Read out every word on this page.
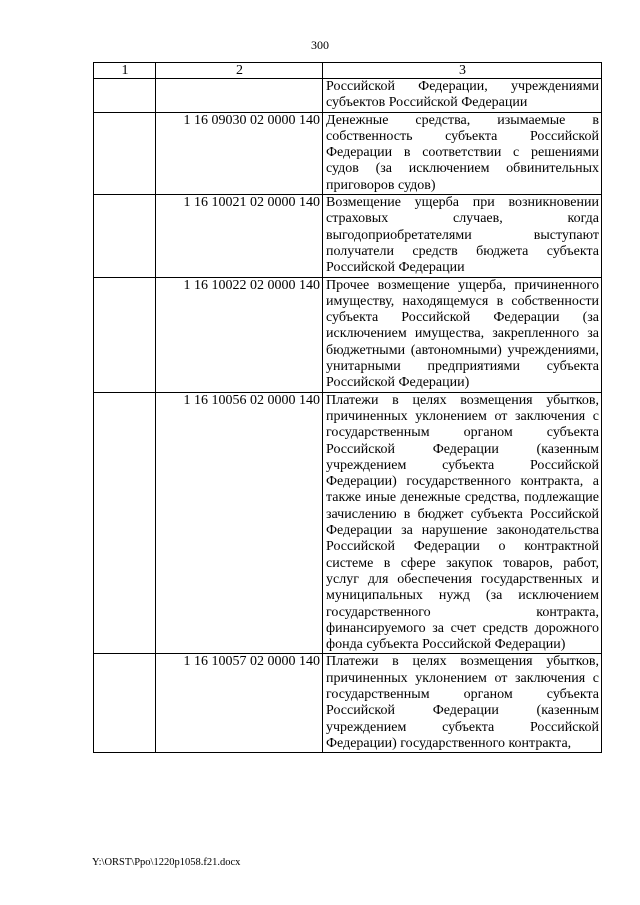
300
1	2	3
		Российской Федерации, учреждениями субъектов Российской Федерации
	1 16 09030 02 0000 140	Денежные средства, изымаемые в собственность субъекта Российской Федерации в соответствии с решениями судов (за исключением обвинительных приговоров судов)
	1 16 10021 02 0000 140	Возмещение ущерба при возникновении страховых случаев, когда выгодоприобретателями выступают получатели средств бюджета субъекта Российской Федерации
	1 16 10022 02 0000 140	Прочее возмещение ущерба, причиненного имуществу, находящемуся в собственности субъекта Российской Федерации (за исключением имущества, закрепленного за бюджетными (автономными) учреждениями, унитарными предприятиями субъекта Российской Федерации)
	1 16 10056 02 0000 140	Платежи в целях возмещения убытков, причиненных уклонением от заключения с государственным органом субъекта Российской Федерации (казенным учреждением субъекта Российской Федерации) государственного контракта, а также иные денежные средства, подлежащие зачислению в бюджет субъекта Российской Федерации за нарушение законодательства Российской Федерации о контрактной системе в сфере закупок товаров, работ, услуг для обеспечения государственных и муниципальных нужд (за исключением государственного контракта, финансируемого за счет средств дорожного фонда субъекта Российской Федерации)
	1 16 10057 02 0000 140	Платежи в целях возмещения убытков, причиненных уклонением от заключения с государственным органом субъекта Российской Федерации (казенным учреждением субъекта Российской Федерации) государственного контракта,
Y:\ORST\Ppo\1220p1058.f21.docx
